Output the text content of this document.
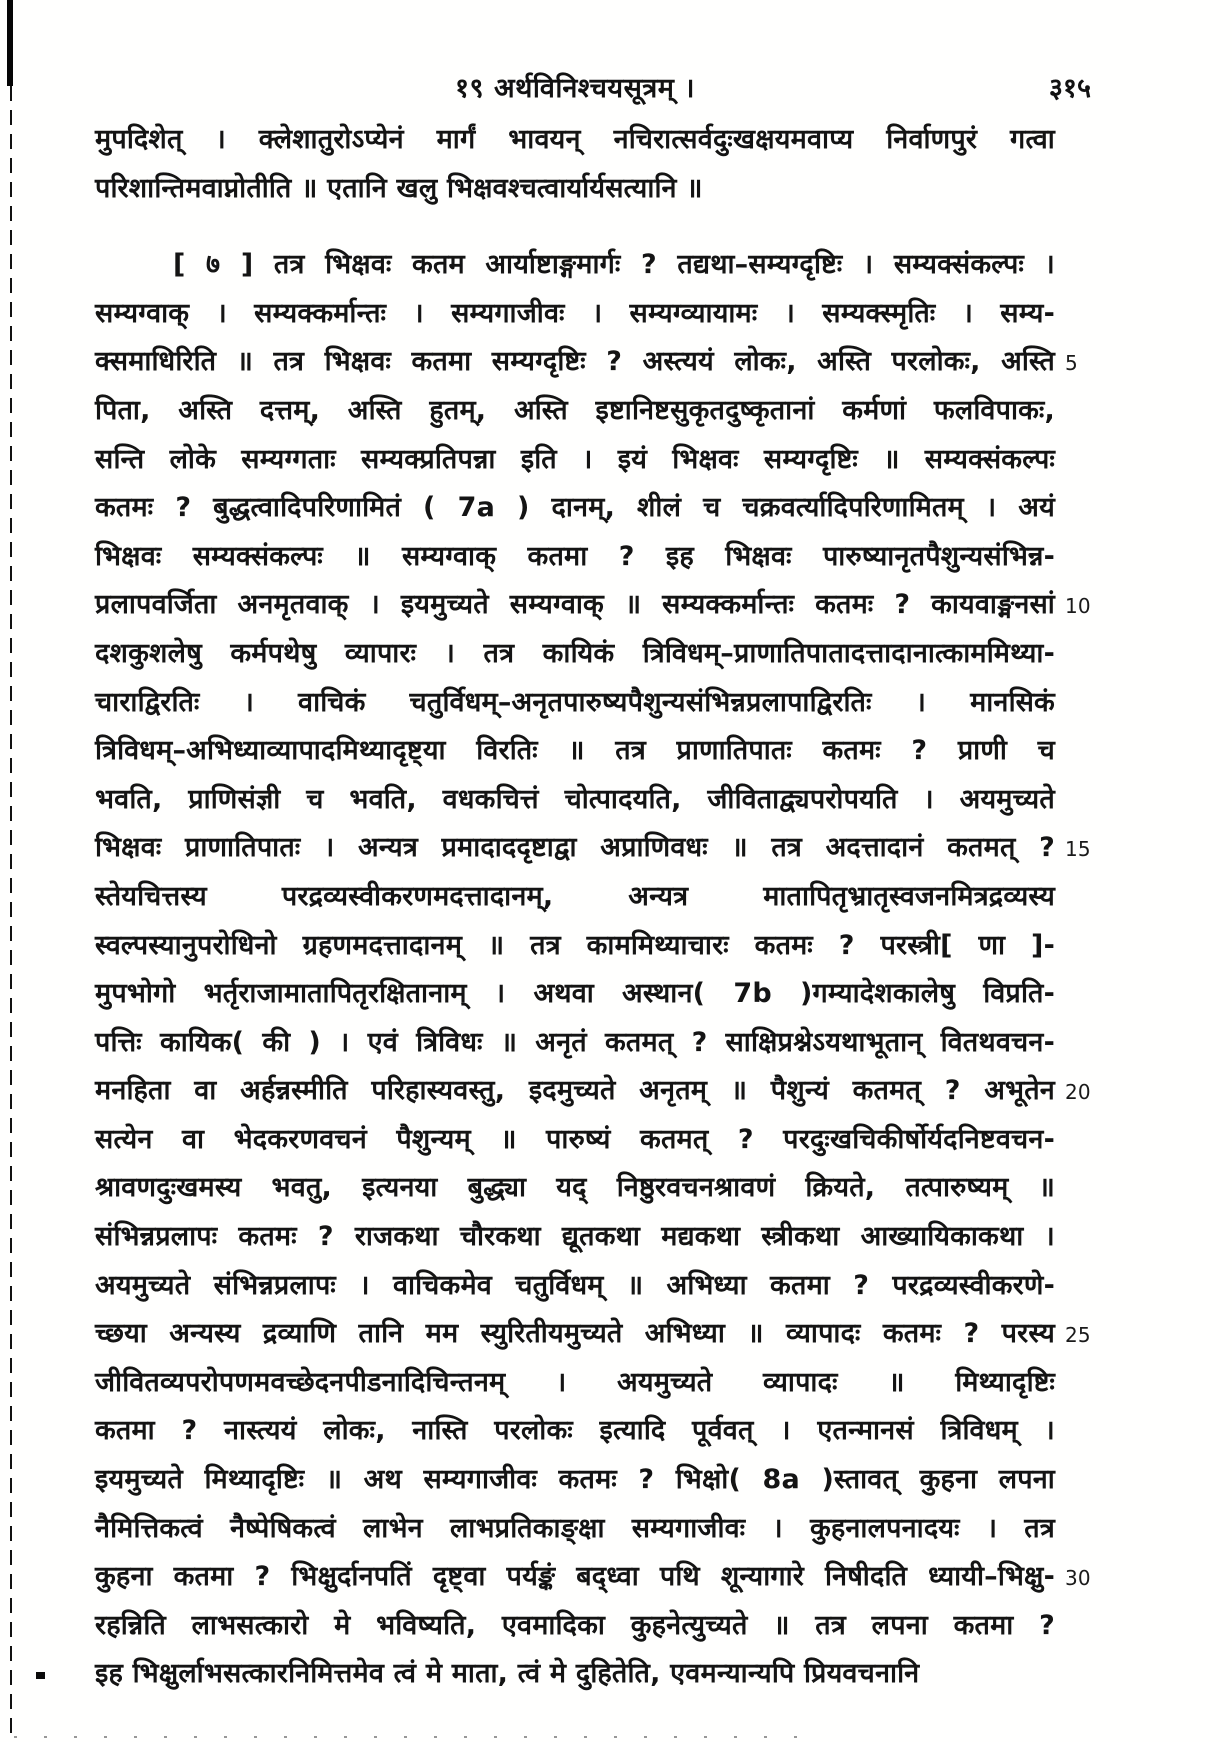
१९ अर्थविनिश्चयसूत्रम् ।	३१५
मुपदिशेत् । क्लेशातुरोऽप्येनं मार्गं भावयन् नचिरात्सर्वदुःखक्षयमवाप्य निर्वाणपुरं गत्वा
परिशान्तिमवाप्नोतीति ॥ एतानि खलु भिक्षवश्चत्वार्यार्यसत्यानि ॥
[ ७ ] तत्र भिक्षवः कतम आर्याष्टाङ्गमार्गः ? तद्यथा–सम्यग्दृष्टिः । सम्यक्संकल्पः ।
सम्यग्वाक् । सम्यक्कर्मान्तः । सम्यगाजीवः । सम्यग्व्यायामः । सम्यक्स्मृतिः । सम्य-
क्समाधिरिति ॥ तत्र भिक्षवः कतमा सम्यग्दृष्टिः ? अस्त्ययं लोकः, अस्ति परलोकः, अस्ति 5
पिता, अस्ति दत्तम्, अस्ति हुतम्, अस्ति इष्टानिष्टसुकृतदुष्कृतानां कर्मणां फलविपाकः,
सन्ति लोके सम्यग्गताः सम्यक्प्रतिपन्ना इति । इयं भिक्षवः सम्यग्दृष्टिः ॥ सम्यक्संकल्पः
कतमः ? बुद्धत्वादिपरिणामितं ( 7a ) दानम्, शीलं च चक्रवर्त्यादिपरिणामितम् । अयं
भिक्षवः सम्यक्संकल्पः ॥ सम्यग्वाक् कतमा ? इह भिक्षवः पारुष्यानृतपैशुन्यसंभिन्न-
प्रलापवर्जिता अनमृतवाक् । इयमुच्यते सम्यग्वाक् ॥ सम्यक्कर्मान्तः कतमः ? कायवाङ्मनसां 10
दशकुशलेषु कर्मपथेषु व्यापारः । तत्र कायिकं त्रिविधम्–प्राणातिपातादत्तादानात्काममिथ्या-
चाराद्विरतिः । वाचिकं चतुर्विधम्–अनृतपारुष्यपैशुन्यसंभिन्नप्रलापाद्विरतिः । मानसिकं
त्रिविधम्–अभिध्याव्यापादमिथ्यादृष्ट्या विरतिः ॥ तत्र प्राणातिपातः कतमः ? प्राणी च
भवति, प्राणिसंज्ञी च भवति, वधकचित्तं चोत्पादयति, जीविताद्व्यपरोपयति । अयमुच्यते
भिक्षवः प्राणातिपातः । अन्यत्र प्रमादाददृष्टाद्वा अप्राणिवधः ॥ तत्र अदत्तादानं कतमत् ? 15
स्तेयचित्तस्य परद्रव्यस्वीकरणमदत्तादानम्, अन्यत्र मातापितृभ्रातृस्वजनमित्रद्रव्यस्य
स्वल्पस्यानुपरोधिनो ग्रहणमदत्तादानम् ॥ तत्र काममिथ्याचारः कतमः ? परस्त्री[ णा ]-
मुपभोगो भर्तृराजामातापितृरक्षितानाम् । अथवा अस्थान( 7b )गम्यादेशकालेषु विप्रति-
पत्तिः कायिक( की ) । एवं त्रिविधः ॥ अनृतं कतमत् ? साक्षिप्रश्नेऽयथाभूतान् वितथवचन-
मनहिता वा अर्हन्नस्मीति परिहास्यवस्तु, इदमुच्यते अनृतम् ॥ पैशुन्यं कतमत् ? अभूतेन 20
सत्येन वा भेदकरणवचनं पैशुन्यम् ॥ पारुष्यं कतमत् ? परदुःखचिकीर्षोर्यदनिष्टवचन-
श्रावणदुःखमस्य भवतु, इत्यनया बुद्ध्या यद् निष्ठुरवचनश्रावणं क्रियते, तत्पारुष्यम् ॥
संभिन्नप्रलापः कतमः ? राजकथा चौरकथा द्यूतकथा मद्यकथा स्त्रीकथा आख्यायिकाकथा ।
अयमुच्यते संभिन्नप्रलापः । वाचिकमेव चतुर्विधम् ॥ अभिध्या कतमा ? परद्रव्यस्वीकरणे-
च्छया अन्यस्य द्रव्याणि तानि मम स्युरितीयमुच्यते अभिध्या ॥ व्यापादः कतमः ? परस्य 25
जीवितव्यपरोपणमवच्छेदनपीडनादिचिन्तनम् । अयमुच्यते व्यापादः ॥ मिथ्यादृष्टिः
कतमा ? नास्त्ययं लोकः, नास्ति परलोकः इत्यादि पूर्ववत् । एतन्मानसं त्रिविधम् ।
इयमुच्यते मिथ्यादृष्टिः ॥ अथ सम्यगाजीवः कतमः ? भिक्षो( 8a )स्तावत् कुहना लपना
नैमित्तिकत्वं नैष्पेषिकत्वं लाभेन लाभप्रतिकाङ्क्षा सम्यगाजीवः । कुहनालपनादयः । तत्र
कुहना कतमा ? भिक्षुर्दानपतिं दृष्ट्वा पर्यङ्कं बद्ध्वा पथि शून्यागारे निषीदति ध्यायी–भिक्षु- 30
रहन्निति लाभसत्कारो मे भविष्यति, एवमादिका कुहनेत्युच्यते ॥ तत्र लपना कतमा ?
इह भिक्षुर्लाभसत्कारनिमित्तमेव त्वं मे माता, त्वं मे दुहितेति, एवमन्यान्यपि प्रियवचनानि
